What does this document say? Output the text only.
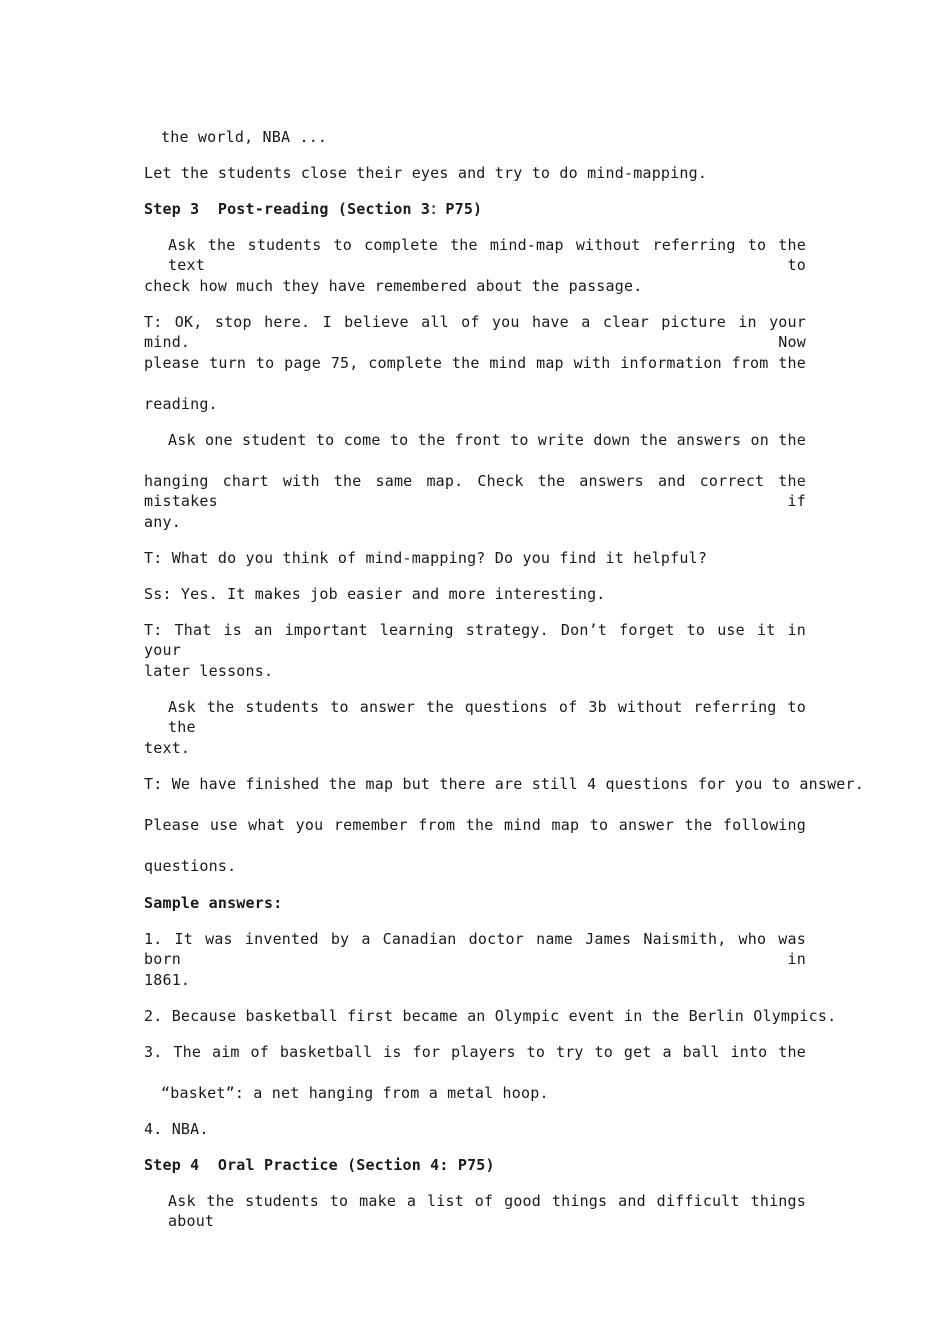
the world, NBA ...
Let the students close their eyes and try to do mind-mapping.
Step 3  Post-reading (Section 3：P75)
Ask the students to complete the mind-map without referring to the text to
check how much they have remembered about the passage.
T: OK, stop here. I believe all of you have a clear picture in your mind. Now
please turn to page 75, complete the mind map with information from the
reading.
Ask one student to come to the front to write down the answers on the
hanging chart with the same map. Check the answers and correct the mistakes if
any.
T: What do you think of mind-mapping? Do you find it helpful?
Ss: Yes. It makes job easier and more interesting.
T: That is an important learning strategy. Don’t forget to use it in your
later lessons.
Ask the students to answer the questions of 3b without referring to the
text.
T: We have finished the map but there are still 4 questions for you to answer.
Please use what you remember from the mind map to answer the following
questions.
Sample answers:
1. It was invented by a Canadian doctor name James Naismith, who was born in
1861.
2. Because basketball first became an Olympic event in the Berlin Olympics.
3. The aim of basketball is for players to try to get a ball into the
“basket”: a net hanging from a metal hoop.
4. NBA.
Step 4  Oral Practice (Section 4: P75)
Ask the students to make a list of good things and difficult things about
